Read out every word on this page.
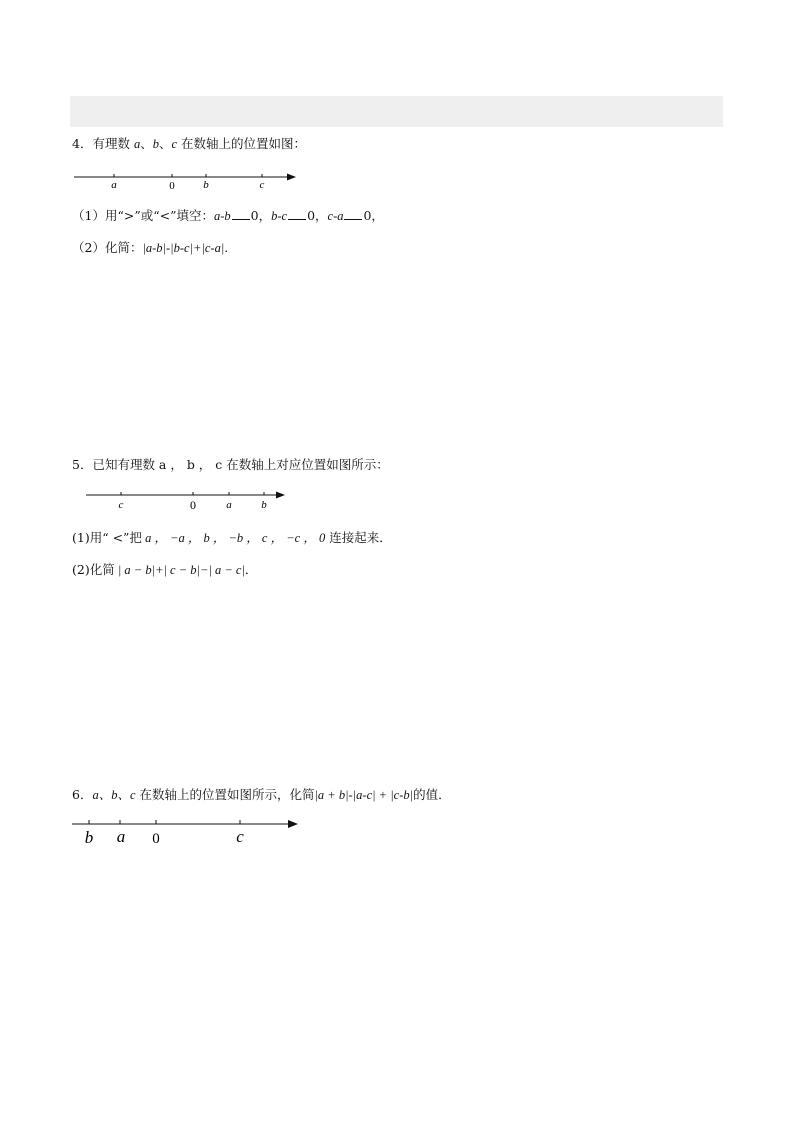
4．有理数 a、b、c 在数轴上的位置如图：
a	0	b	c
（1）用“>”或“<”填空：a-b 0，b-c 0，c-a 0，
（2）化简：|a-b|-|b-c|+|c-a|.
5．已知有理数 a ， b ， c 在数轴上对应位置如图所示：
c	0	a	b
(1)用“ <”把 a ， −a ， b ， −b ， c ， −c ， 0 连接起来．
(2)化简 | a − b|+| c − b|−| a − c|．
6．a、b、c 在数轴上的位置如图所示，化简|a + b|-|a-c| + |c-b|的值．
b a 0	c
